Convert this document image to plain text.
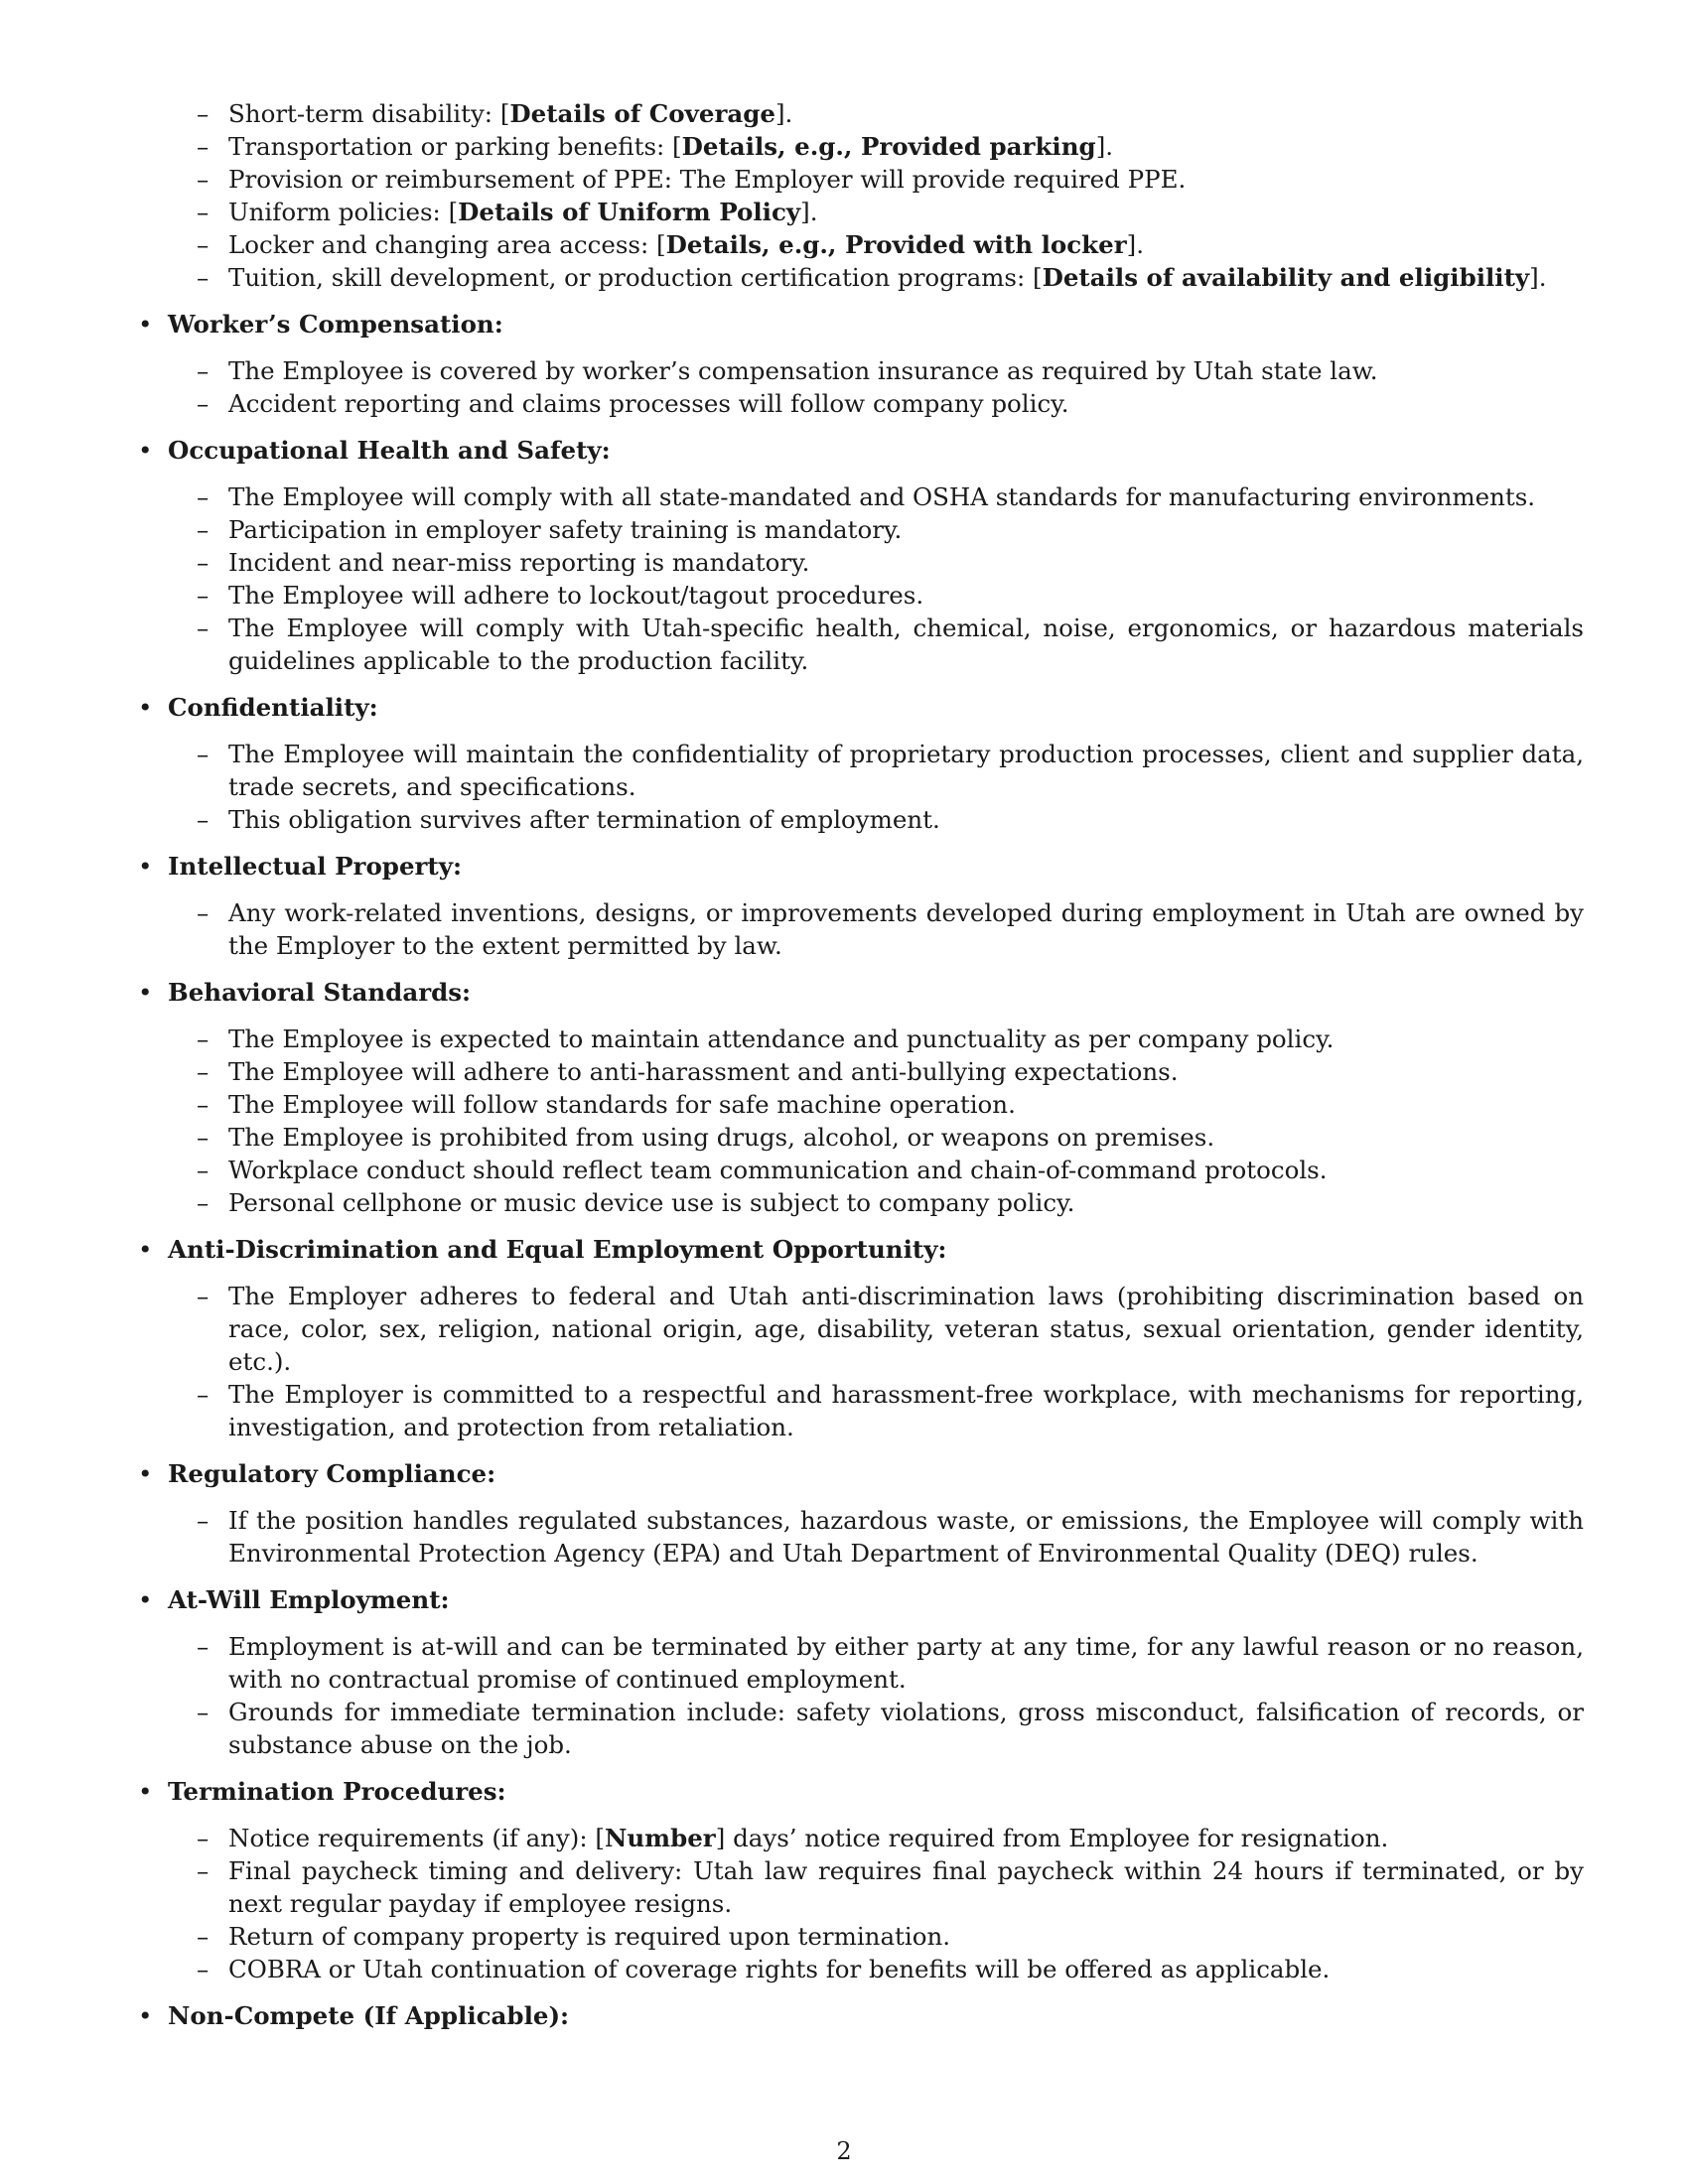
– Short-term disability: [Details of Coverage].
– Transportation or parking benefits: [Details, e.g., Provided parking].
– Provision or reimbursement of PPE: The Employer will provide required PPE.
– Uniform policies: [Details of Uniform Policy].
– Locker and changing area access: [Details, e.g., Provided with locker].
– Tuition, skill development, or production certification programs: [Details of availability and eligibility].
• Worker’s Compensation:
– The Employee is covered by worker’s compensation insurance as required by Utah state law.
– Accident reporting and claims processes will follow company policy.
• Occupational Health and Safety:
– The Employee will comply with all state-mandated and OSHA standards for manufacturing environments.
– Participation in employer safety training is mandatory.
– Incident and near-miss reporting is mandatory.
– The Employee will adhere to lockout/tagout procedures.
– The Employee will comply with Utah-specific health, chemical, noise, ergonomics, or hazardous materials guidelines applicable to the production facility.
• Confidentiality:
– The Employee will maintain the confidentiality of proprietary production processes, client and supplier data, trade secrets, and specifications.
– This obligation survives after termination of employment.
• Intellectual Property:
– Any work-related inventions, designs, or improvements developed during employment in Utah are owned by the Employer to the extent permitted by law.
• Behavioral Standards:
– The Employee is expected to maintain attendance and punctuality as per company policy.
– The Employee will adhere to anti-harassment and anti-bullying expectations.
– The Employee will follow standards for safe machine operation.
– The Employee is prohibited from using drugs, alcohol, or weapons on premises.
– Workplace conduct should reflect team communication and chain-of-command protocols.
– Personal cellphone or music device use is subject to company policy.
• Anti-Discrimination and Equal Employment Opportunity:
– The Employer adheres to federal and Utah anti-discrimination laws (prohibiting discrimination based on race, color, sex, religion, national origin, age, disability, veteran status, sexual orientation, gender identity, etc.).
– The Employer is committed to a respectful and harassment-free workplace, with mechanisms for reporting, investigation, and protection from retaliation.
• Regulatory Compliance:
– If the position handles regulated substances, hazardous waste, or emissions, the Employee will comply with Environmental Protection Agency (EPA) and Utah Department of Environmental Quality (DEQ) rules.
• At-Will Employment:
– Employment is at-will and can be terminated by either party at any time, for any lawful reason or no reason, with no contractual promise of continued employment.
– Grounds for immediate termination include: safety violations, gross misconduct, falsification of records, or substance abuse on the job.
• Termination Procedures:
– Notice requirements (if any): [Number] days’ notice required from Employee for resignation.
– Final paycheck timing and delivery: Utah law requires final paycheck within 24 hours if terminated, or by next regular payday if employee resigns.
– Return of company property is required upon termination.
– COBRA or Utah continuation of coverage rights for benefits will be offered as applicable.
• Non-Compete (If Applicable):
2
